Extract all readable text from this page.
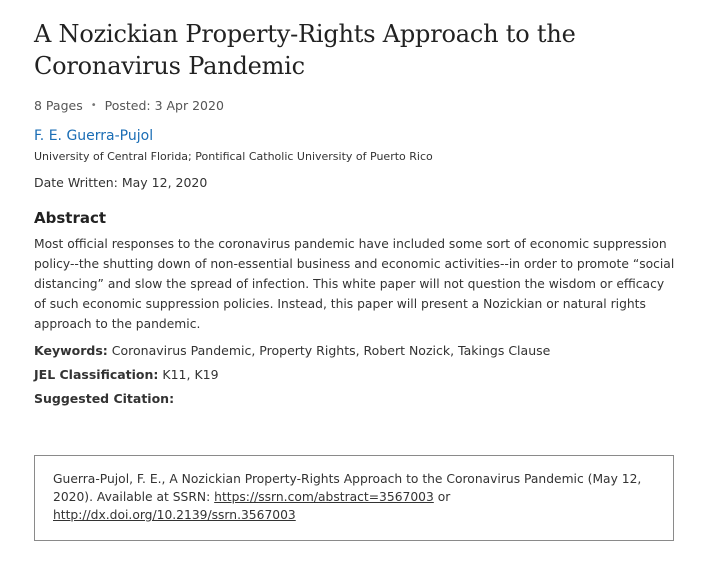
A Nozickian Property-Rights Approach to the Coronavirus Pandemic
8 Pages • Posted: 3 Apr 2020
F. E. Guerra-Pujol
University of Central Florida; Pontifical Catholic University of Puerto Rico
Date Written: May 12, 2020
Abstract
Most official responses to the coronavirus pandemic have included some sort of economic suppression policy--the shutting down of non-essential business and economic activities--in order to promote “social distancing” and slow the spread of infection. This white paper will not question the wisdom or efficacy of such economic suppression policies. Instead, this paper will present a Nozickian or natural rights approach to the pandemic.
Keywords: Coronavirus Pandemic, Property Rights, Robert Nozick, Takings Clause
JEL Classification: K11, K19
Suggested Citation:
Guerra-Pujol, F. E., A Nozickian Property-Rights Approach to the Coronavirus Pandemic (May 12, 2020). Available at SSRN: https://ssrn.com/abstract=3567003 or http://dx.doi.org/10.2139/ssrn.3567003
